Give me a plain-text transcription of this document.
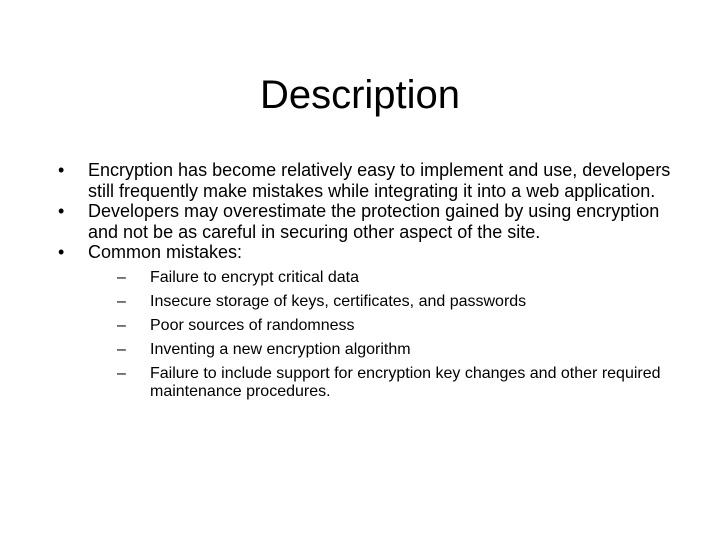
Description
•	Encryption has become relatively easy to implement and use, developers still frequently make mistakes while integrating it into a web application.
•	Developers may overestimate the protection gained by using encryption and not be as careful in securing other aspect of the site.
•	Common mistakes:
– Failure to encrypt critical data
– Insecure storage of keys, certificates, and passwords
– Poor sources of randomness
– Inventing a new encryption algorithm
– Failure to include support for encryption key changes and other required maintenance procedures.
